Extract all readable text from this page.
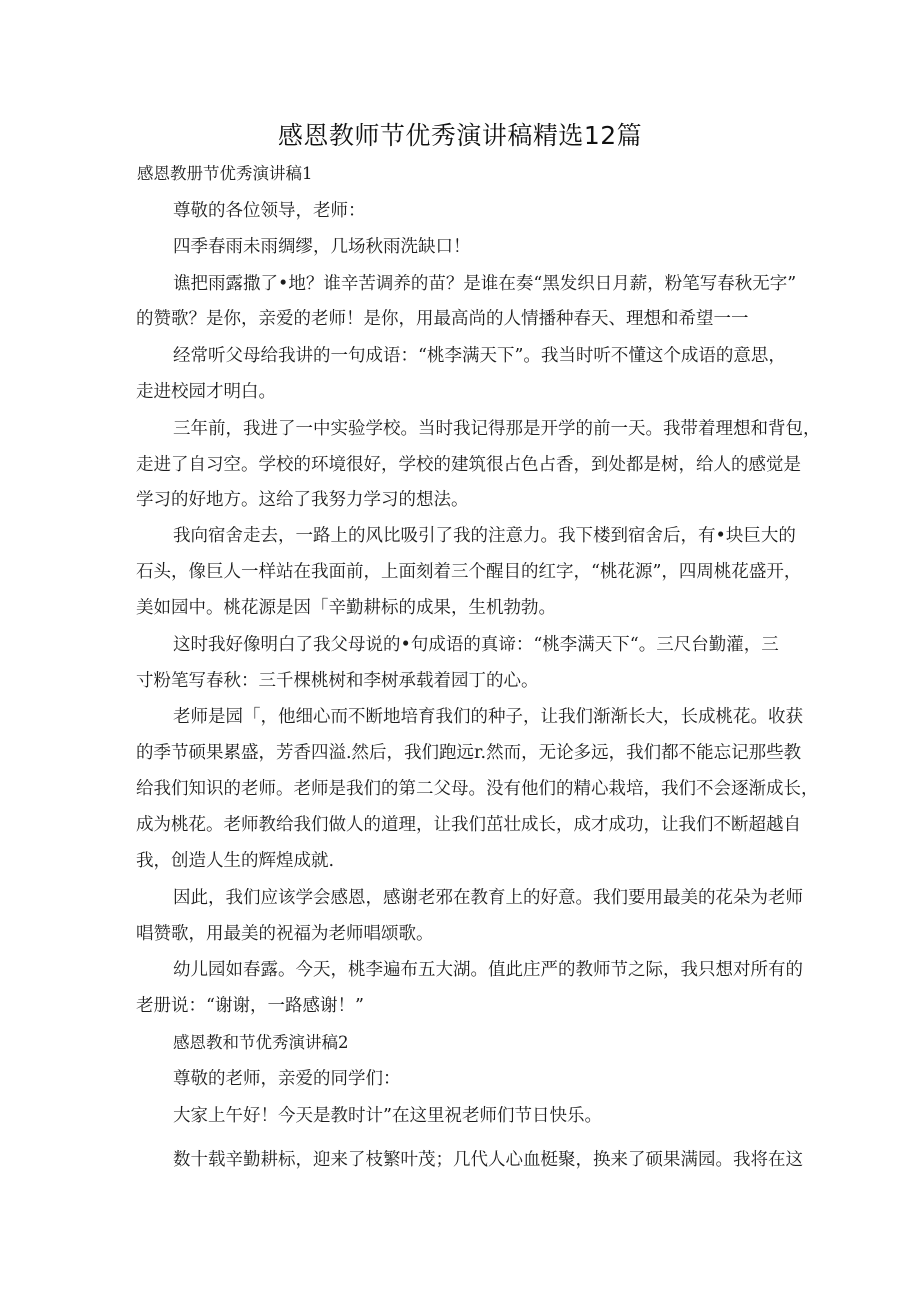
感恩教师节优秀演讲稿精选12篇

感恩教册节优秀演讲稿1

尊敬的各位领导，老师：

四季春雨未雨绸缪，几场秋雨洗缺口！

谯把雨露撒了•地？谁辛苦调养的苗？是谁在奏“黑发织日月薪，粉笔写春秋无字”

的赞歌？是你，亲爱的老师！是你，用最高尚的人情播种春天、理想和希望一一

经常听父母给我讲的一句成语：“桃李满天下”。我当时听不懂这个成语的意思，

走进校园才明白。

三年前，我进了一中实验学校。当时我记得那是开学的前一天。我带着理想和背包，

走进了自习空。学校的环境很好，学校的建筑很占色占香，到处都是树，给人的感觉是

学习的好地方。这给了我努力学习的想法。

我向宿舍走去，一路上的风比吸引了我的注意力。我下楼到宿舍后，有•块巨大的

石头，像巨人一样站在我面前，上面刻着三个醒目的红字，“桃花源”，四周桃花盛开，

美如园中。桃花源是因「辛勤耕标的成果，生机勃勃。

这时我好像明白了我父母说的•句成语的真谛：“桃李满天下“。三尺台勤灌，三

寸粉笔写春秋：三千棵桃树和李树承载着园丁的心。

老师是园「，他细心而不断地培育我们的种子，让我们渐渐长大，长成桃花。收获

的季节硕果累盛，芳香四溢.然后，我们跑远r.然而，无论多远，我们都不能忘记那些教

给我们知识的老师。老师是我们的第二父母。没有他们的精心栽培，我们不会逐渐成长，

成为桃花。老师教给我们做人的道理，让我们茁壮成长，成才成功，让我们不断超越自

我，创造人生的辉煌成就.

因此，我们应该学会感恩，感谢老邪在教育上的好意。我们要用最美的花朵为老师

唱赞歌，用最美的祝福为老师唱颂歌。

幼儿园如春露。今天，桃李遍布五大湖。值此庄严的教师节之际，我只想对所有的

老册说：“谢谢，一路感谢！”

感恩教和节优秀演讲稿2

尊敬的老师，亲爱的同学们：

大家上午好！今天是教时计”在这里祝老师们节日快乐。

数十载辛勤耕标，迎来了枝繁叶茂；几代人心血梃聚，换来了硕果满园。我将在这
